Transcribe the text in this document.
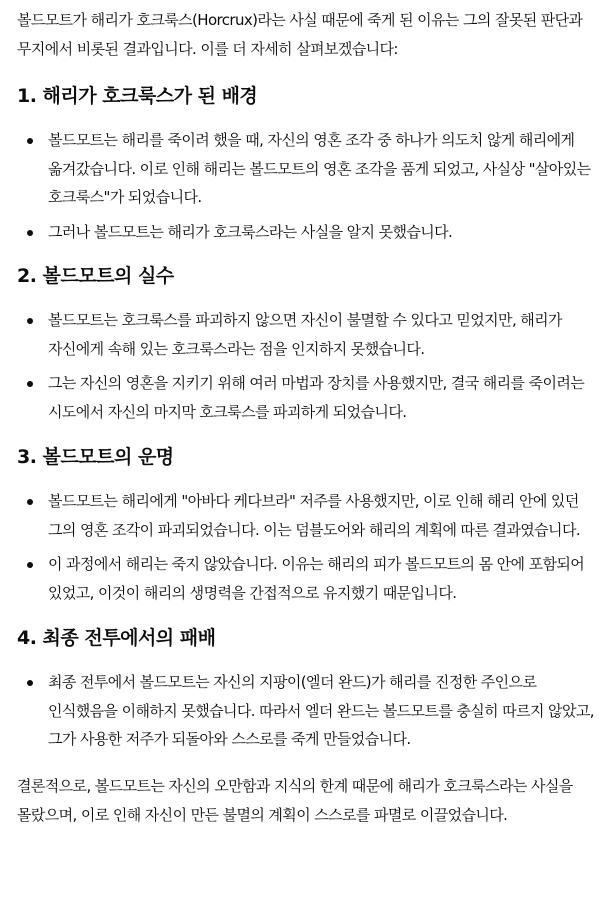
볼드모트가 해리가 호크룩스(Horcrux)라는 사실 때문에 죽게 된 이유는 그의 잘못된 판단과 무지에서 비롯된 결과입니다. 이를 더 자세히 살펴보겠습니다:

1. 해리가 호크룩스가 된 배경
볼드모트는 해리를 죽이려 했을 때, 자신의 영혼 조각 중 하나가 의도치 않게 해리에게 옮겨갔습니다. 이로 인해 해리는 볼드모트의 영혼 조각을 품게 되었고, 사실상 "살아있는 호크룩스"가 되었습니다.
그러나 볼드모트는 해리가 호크룩스라는 사실을 알지 못했습니다.
2. 볼드모트의 실수
볼드모트는 호크룩스를 파괴하지 않으면 자신이 불멸할 수 있다고 믿었지만, 해리가 자신에게 속해 있는 호크룩스라는 점을 인지하지 못했습니다.
그는 자신의 영혼을 지키기 위해 여러 마법과 장치를 사용했지만, 결국 해리를 죽이려는 시도에서 자신의 마지막 호크룩스를 파괴하게 되었습니다.
3. 볼드모트의 운명
볼드모트는 해리에게 "아바다 케다브라" 저주를 사용했지만, 이로 인해 해리 안에 있던 그의 영혼 조각이 파괴되었습니다. 이는 덤블도어와 해리의 계획에 따른 결과였습니다.
이 과정에서 해리는 죽지 않았습니다. 이유는 해리의 피가 볼드모트의 몸 안에 포함되어 있었고, 이것이 해리의 생명력을 간접적으로 유지했기 때문입니다.
4. 최종 전투에서의 패배
최종 전투에서 볼드모트는 자신의 지팡이(엘더 완드)가 해리를 진정한 주인으로 인식했음을 이해하지 못했습니다. 따라서 엘더 완드는 볼드모트를 충실히 따르지 않았고, 그가 사용한 저주가 되돌아와 스스로를 죽게 만들었습니다.

결론적으로, 볼드모트는 자신의 오만함과 지식의 한계 때문에 해리가 호크룩스라는 사실을 몰랐으며, 이로 인해 자신이 만든 불멸의 계획이 스스로를 파멸로 이끌었습니다.
